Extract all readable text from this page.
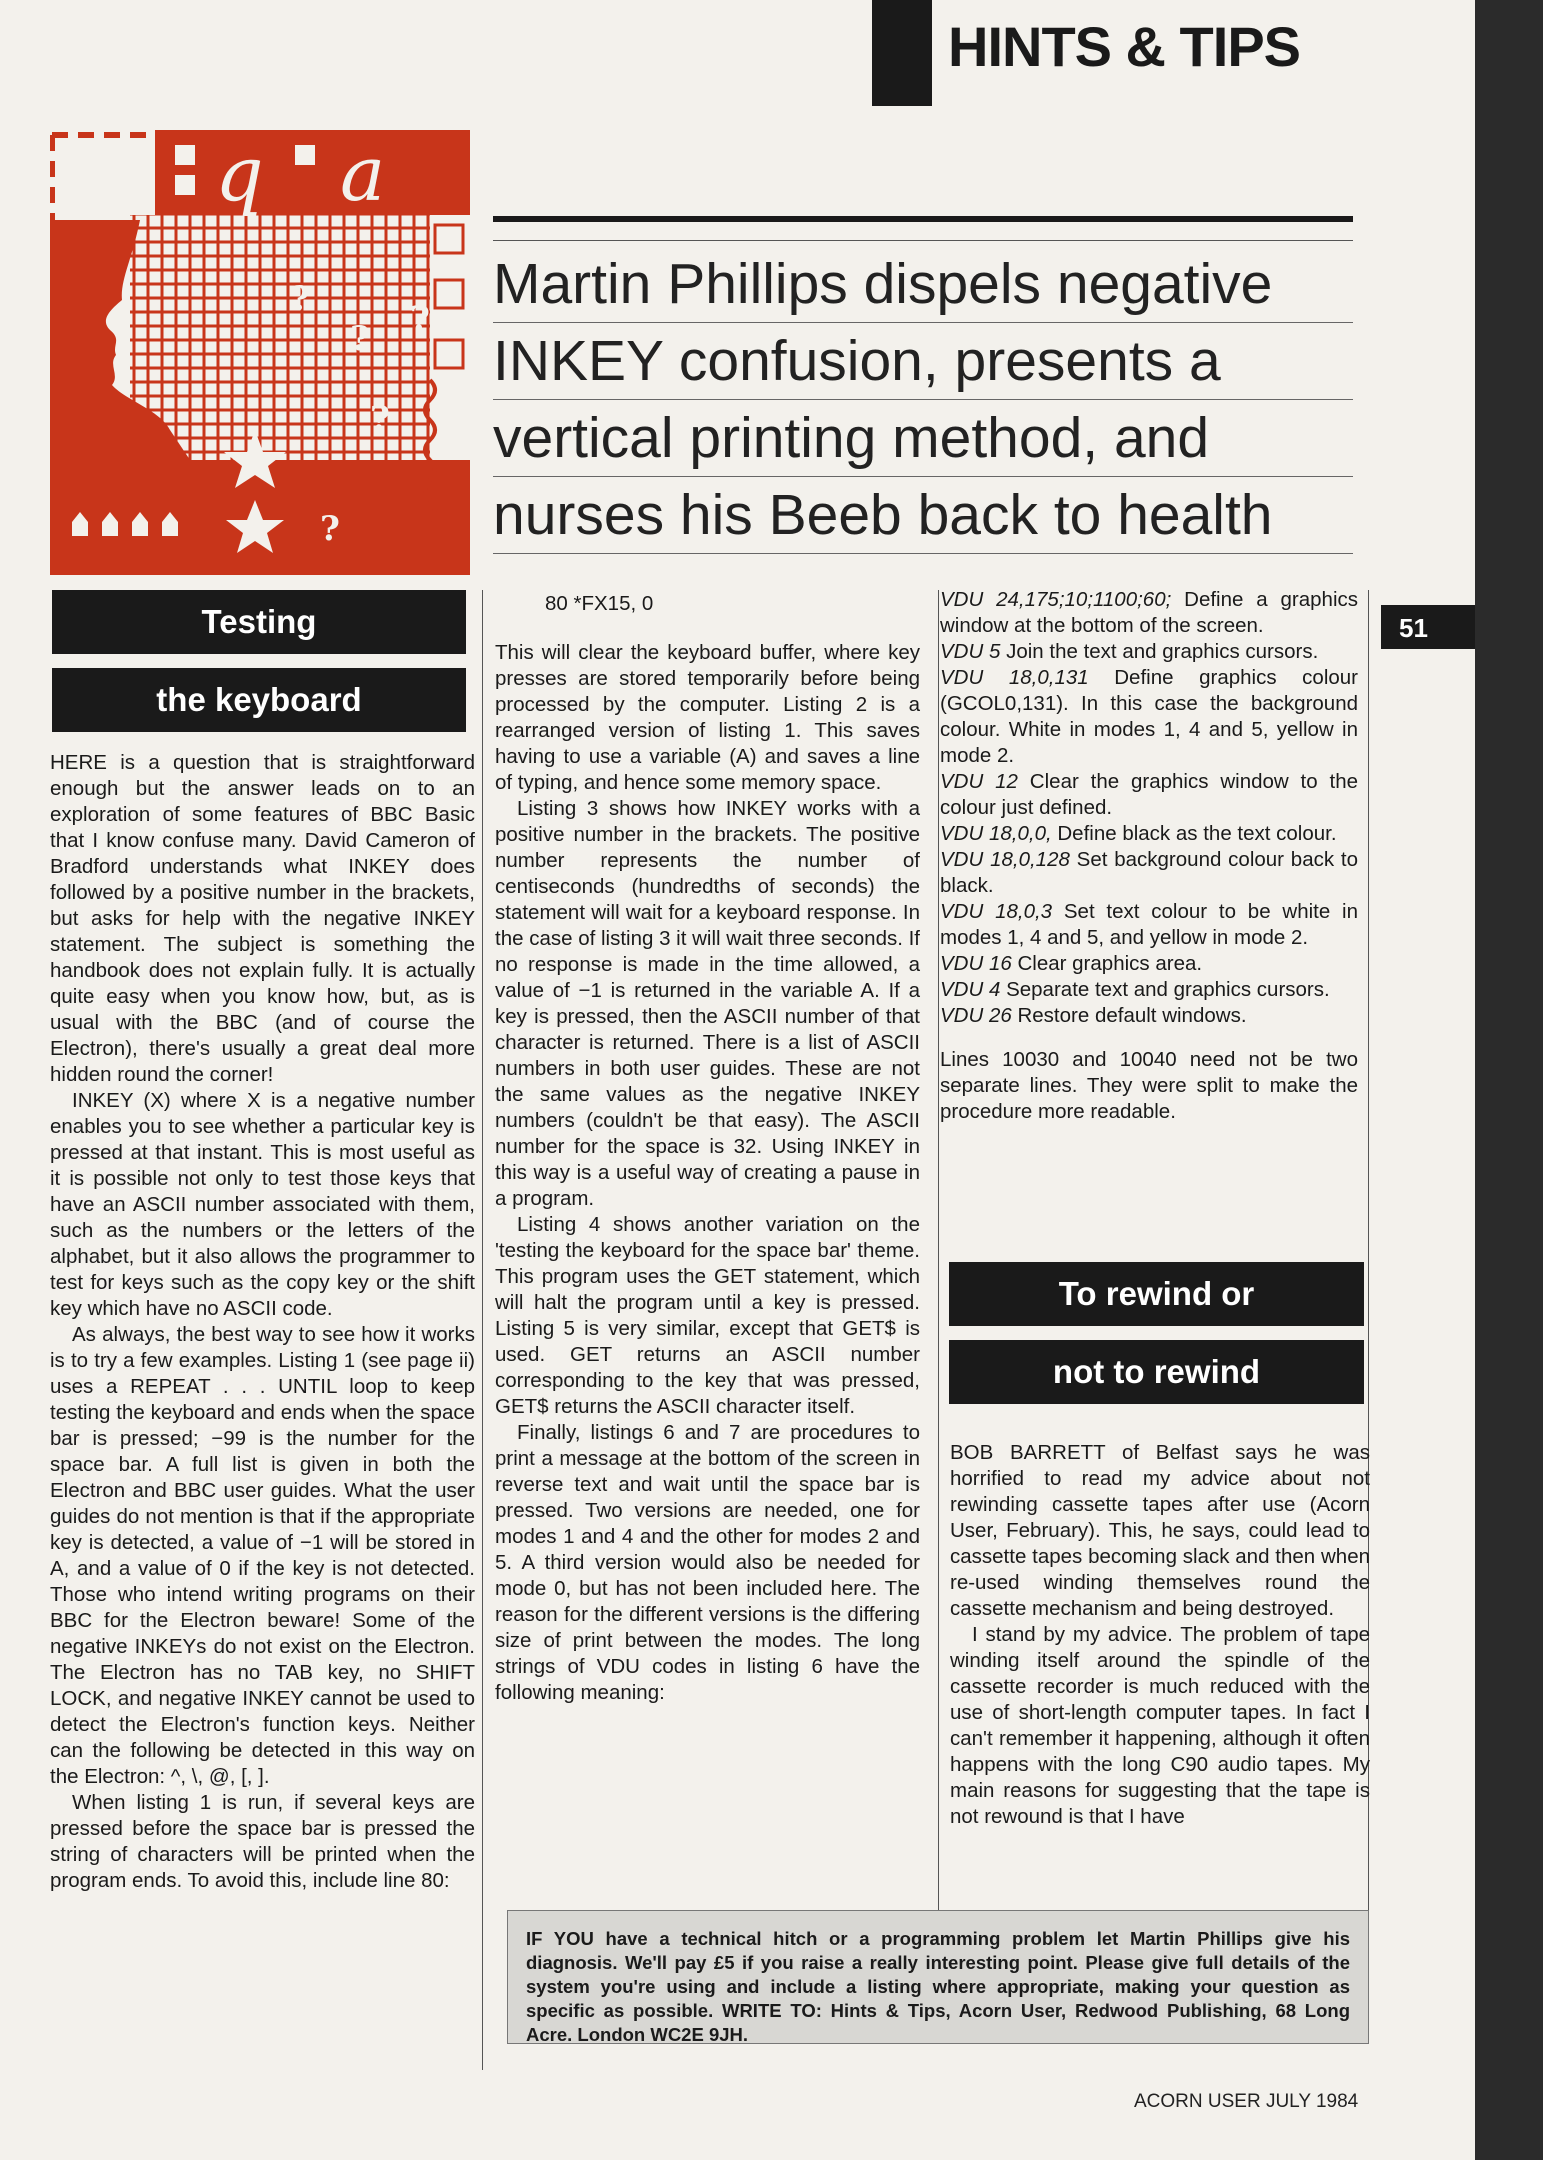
51
HINTS & TIPS
?
? ?
?
?
q a
Martin Phillips dispels negative
INKEY confusion, presents a
vertical printing method, and
nurses his Beeb back to health
Testing
the keyboard

HERE is a question that is straightforward enough but the answer leads on to an exploration of some features of BBC Basic that I know confuse many. David Cameron of Bradford understands what INKEY does followed by a positive number in the brackets, but asks for help with the negative INKEY statement. The subject is something the handbook does not explain fully. It is actually quite easy when you know how, but, as is usual with the BBC (and of course the Electron), there's usually a great deal more hidden round the corner!

INKEY (X) where X is a negative number enables you to see whether a particular key is pressed at that instant. This is most useful as it is possible not only to test those keys that have an ASCII number associated with them, such as the numbers or the letters of the alphabet, but it also allows the programmer to test for keys such as the copy key or the shift key which have no ASCII code.

As always, the best way to see how it works is to try a few examples. Listing 1 (see page ii) uses a REPEAT . . . UNTIL loop to keep testing the keyboard and ends when the space bar is pressed; −99 is the number for the space bar. A full list is given in both the Electron and BBC user guides. What the user guides do not mention is that if the appropriate key is detected, a value of −1 will be stored in A, and a value of 0 if the key is not detected. Those who intend writing programs on their BBC for the Electron beware! Some of the negative INKEYs do not exist on the Electron. The Electron has no TAB key, no SHIFT LOCK, and negative INKEY cannot be used to detect the Electron's function keys. Neither can the following be detected in this way on the Electron: ^, \, @, [, ].

When listing 1 is run, if several keys are pressed before the space bar is pressed the string of characters will be printed when the program ends. To avoid this, include line 80:

80 *FX15, 0

This will clear the keyboard buffer, where key presses are stored temporarily before being processed by the computer. Listing 2 is a rearranged version of listing 1. This saves having to use a variable (A) and saves a line of typing, and hence some memory space.

Listing 3 shows how INKEY works with a positive number in the brackets. The positive number represents the number of centiseconds (hundredths of seconds) the statement will wait for a keyboard response. In the case of listing 3 it will wait three seconds. If no response is made in the time allowed, a value of −1 is returned in the variable A. If a key is pressed, then the ASCII number of that character is returned. There is a list of ASCII numbers in both user guides. These are not the same values as the negative INKEY numbers (couldn't be that easy). The ASCII number for the space is 32. Using INKEY in this way is a useful way of creating a pause in a program.

Listing 4 shows another variation on the 'testing the keyboard for the space bar' theme. This program uses the GET statement, which will halt the program until a key is pressed. Listing 5 is very similar, except that GET$ is used. GET returns an ASCII number corresponding to the key that was pressed, GET$ returns the ASCII character itself.

Finally, listings 6 and 7 are procedures to print a message at the bottom of the screen in reverse text and wait until the space bar is pressed. Two versions are needed, one for modes 1 and 4 and the other for modes 2 and 5. A third version would also be needed for mode 0, but has not been included here. The reason for the different versions is the differing size of print between the modes. The long strings of VDU codes in listing 6 have the following meaning:

VDU 24,175;10;1100;60; Define a graphics window at the bottom of the screen.

VDU 5 Join the text and graphics cursors.

VDU 18,0,131 Define graphics colour (GCOL0,131). In this case the background colour. White in modes 1, 4 and 5, yellow in mode 2.

VDU 12 Clear the graphics window to the colour just defined.

VDU 18,0,0, Define black as the text colour.

VDU 18,0,128 Set background colour back to black.

VDU 18,0,3 Set text colour to be white in modes 1, 4 and 5, and yellow in mode 2.

VDU 16 Clear graphics area.

VDU 4 Separate text and graphics cursors.

VDU 26 Restore default windows.

Lines 10030 and 10040 need not be two separate lines. They were split to make the procedure more readable.

To rewind or
not to rewind

BOB BARRETT of Belfast says he was horrified to read my advice about not rewinding cassette tapes after use (Acorn User, February). This, he says, could lead to cassette tapes becoming slack and then when re-used winding themselves round the cassette mechanism and being destroyed.

I stand by my advice. The problem of tape winding itself around the spindle of the cassette recorder is much reduced with the use of short-length computer tapes. In fact I can't remember it happening, although it often happens with the long C90 audio tapes. My main reasons for suggesting that the tape is not rewound is that I have

IF YOU have a technical hitch or a programming problem let Martin Phillips give his diagnosis. We'll pay £5 if you raise a really interesting point. Please give full details of the system you're using and include a listing where appropriate, making your question as specific as possible. WRITE TO: Hints & Tips, Acorn User, Redwood Publishing, 68 Long Acre. London WC2E 9JH.
ACORN USER JULY 1984
